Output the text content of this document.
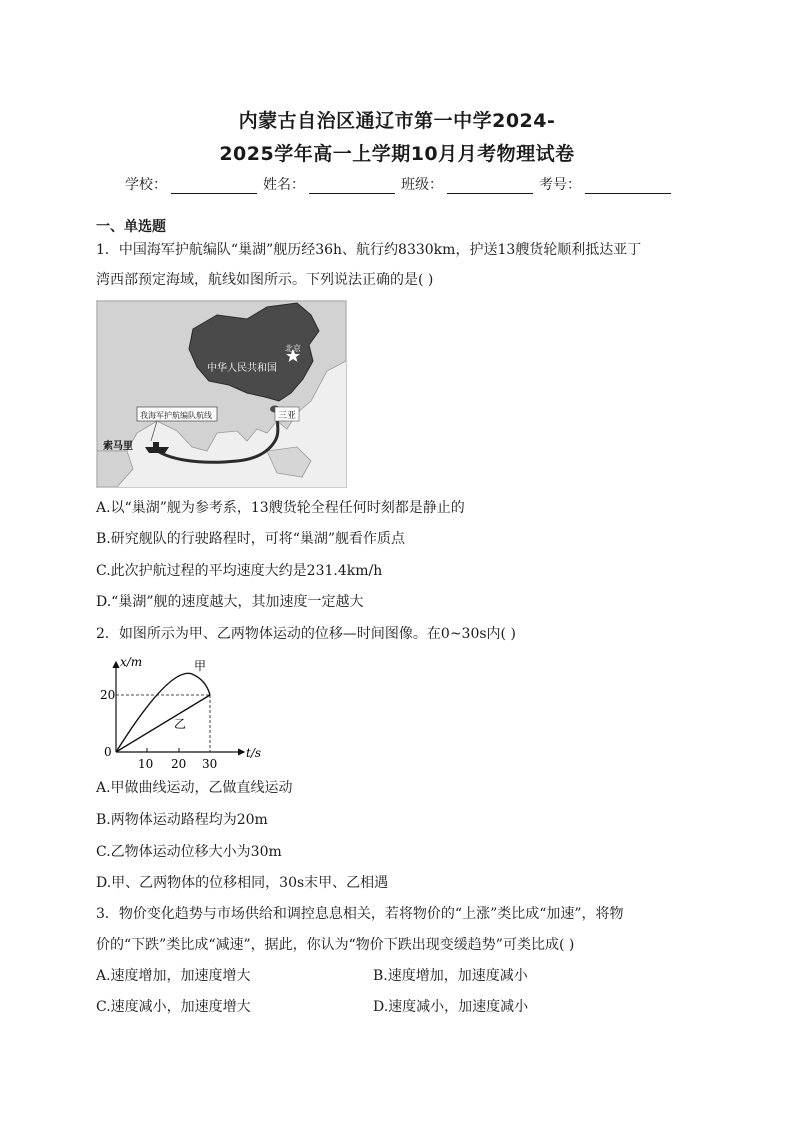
内蒙古自治区通辽市第一中学2024-
2025学年高一上学期10月月考物理试卷
学校：	姓名：	班级：	考号：
一、单选题
1．中国海军护航编队“巢湖”舰历经36h、航行约8330km，护送13艘货轮顺利抵达亚丁
湾西部预定海域，航线如图所示。下列说法正确的是( )
北京
中华人民共和国
我海军护航编队航线	三亚
索马里
A.以“巢湖”舰为参考系，13艘货轮全程任何时刻都是静止的
B.研究舰队的行驶路程时，可将“巢湖”舰看作质点
C.此次护航过程的平均速度大约是231.4km/h
D.“巢湖”舰的速度越大，其加速度一定越大
2．如图所示为甲、乙两物体运动的位移—时间图像。在0~30s内( )
x/m
t/s
0
20
10 20 30
甲
乙
A.甲做曲线运动，乙做直线运动
B.两物体运动路程均为20m
C.乙物体运动位移大小为30m
D.甲、乙两物体的位移相同，30s末甲、乙相遇
3．物价变化趋势与市场供给和调控息息相关，若将物价的“上涨”类比成“加速”，将物
价的“下跌”类比成“减速”，据此，你认为“物价下跌出现变缓趋势”可类比成( )
A.速度增加，加速度增大	B.速度增加，加速度减小
C.速度减小，加速度增大	D.速度减小，加速度减小
